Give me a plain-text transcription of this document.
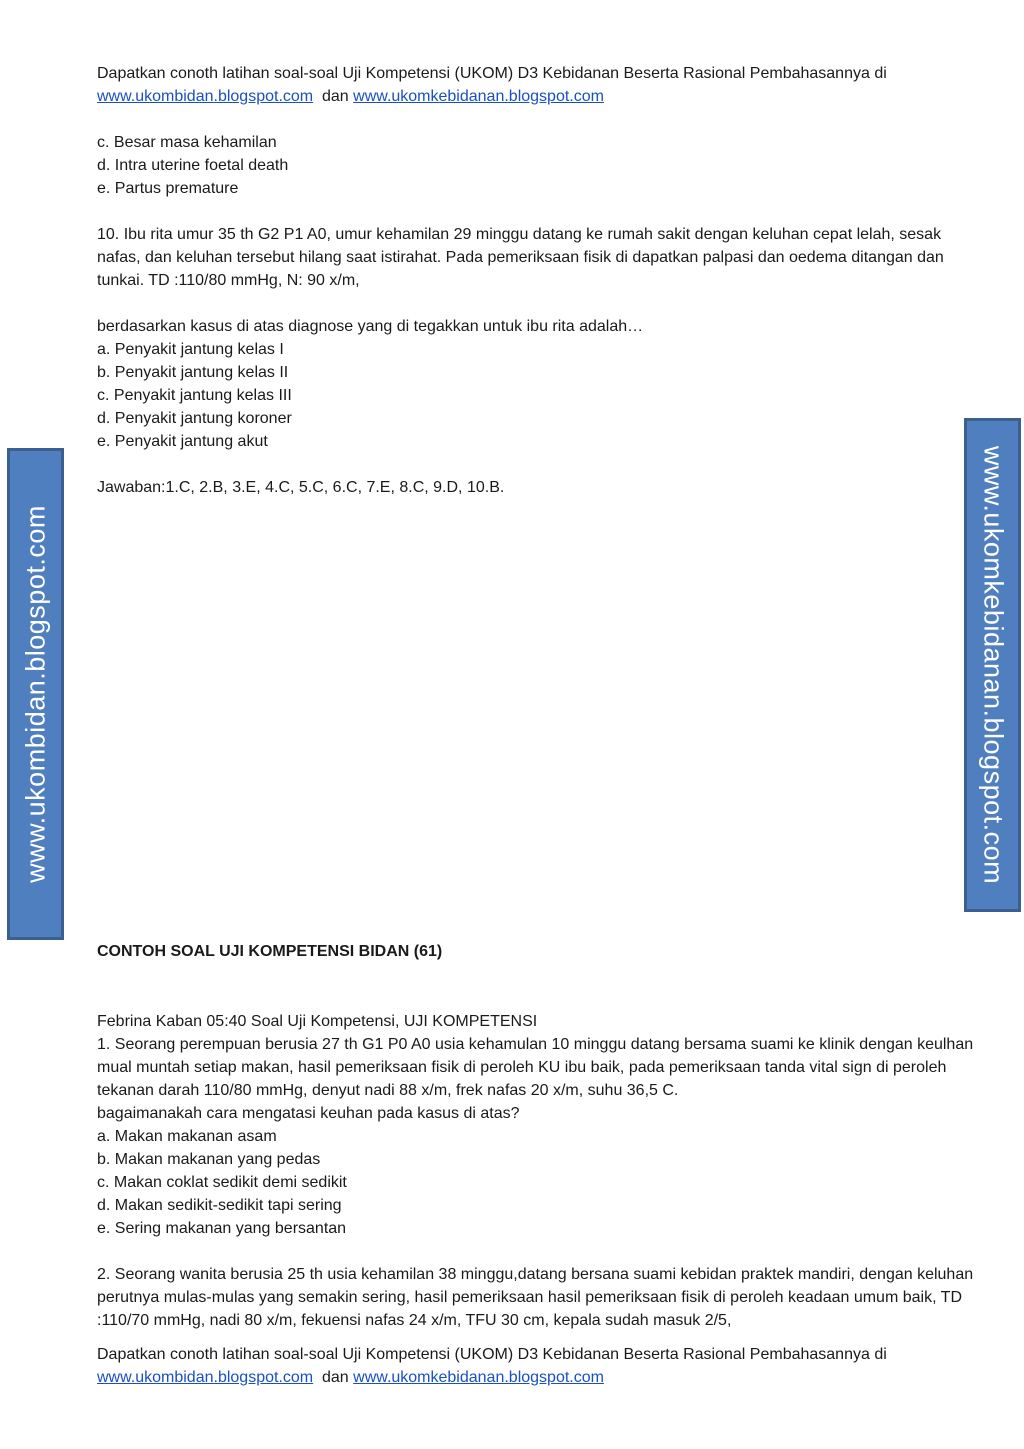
Dapatkan conoth latihan soal-soal Uji Kompetensi (UKOM) D3 Kebidanan Beserta Rasional Pembahasannya di

www.ukombidan.blogspot.com dan www.ukomkebidanan.blogspot.com

c. Besar masa kehamilan

d. Intra uterine foetal death

e. Partus premature

10. Ibu rita umur 35 th G2 P1 A0, umur kehamilan 29 minggu datang ke rumah sakit dengan keluhan cepat lelah, sesak nafas, dan keluhan tersebut hilang saat istirahat. Pada pemeriksaan fisik di dapatkan palpasi dan oedema ditangan dan tunkai. TD :110/80 mmHg, N: 90 x/m,

berdasarkan kasus di atas diagnose yang di tegakkan untuk ibu rita adalah…

a. Penyakit jantung kelas I

b. Penyakit jantung kelas II

c. Penyakit jantung kelas III

d. Penyakit jantung koroner

e. Penyakit jantung akut

Jawaban:1.C, 2.B, 3.E, 4.C, 5.C, 6.C, 7.E, 8.C, 9.D, 10.B.

CONTOH SOAL UJI KOMPETENSI BIDAN (61)

Febrina Kaban 05:40 Soal Uji Kompetensi, UJI KOMPETENSI

1. Seorang perempuan berusia 27 th G1 P0 A0 usia kehamulan 10 minggu datang bersama suami ke klinik dengan keulhan mual muntah setiap makan, hasil pemeriksaan fisik di peroleh KU ibu baik, pada pemeriksaan tanda vital sign di peroleh tekanan darah 110/80 mmHg, denyut nadi 88 x/m, frek nafas 20 x/m, suhu 36,5 C.

bagaimanakah cara mengatasi keuhan pada kasus di atas?

a. Makan makanan asam

b. Makan makanan yang pedas

c. Makan coklat sedikit demi sedikit

d. Makan sedikit-sedikit tapi sering

e. Sering makanan yang bersantan

2. Seorang wanita berusia 25 th usia kehamilan 38 minggu,datang bersana suami kebidan praktek mandiri, dengan keluhan perutnya mulas-mulas yang semakin sering, hasil pemeriksaan hasil pemeriksaan fisik di peroleh keadaan umum baik, TD :110/70 mmHg, nadi 80 x/m, fekuensi nafas 24 x/m, TFU 30 cm, kepala sudah masuk 2/5,

Dapatkan conoth latihan soal-soal Uji Kompetensi (UKOM) D3 Kebidanan Beserta Rasional Pembahasannya di

www.ukombidan.blogspot.com dan www.ukomkebidanan.blogspot.com

www.ukombidan.blogspot.com	www.ukomkebidanan.blogspot.com
